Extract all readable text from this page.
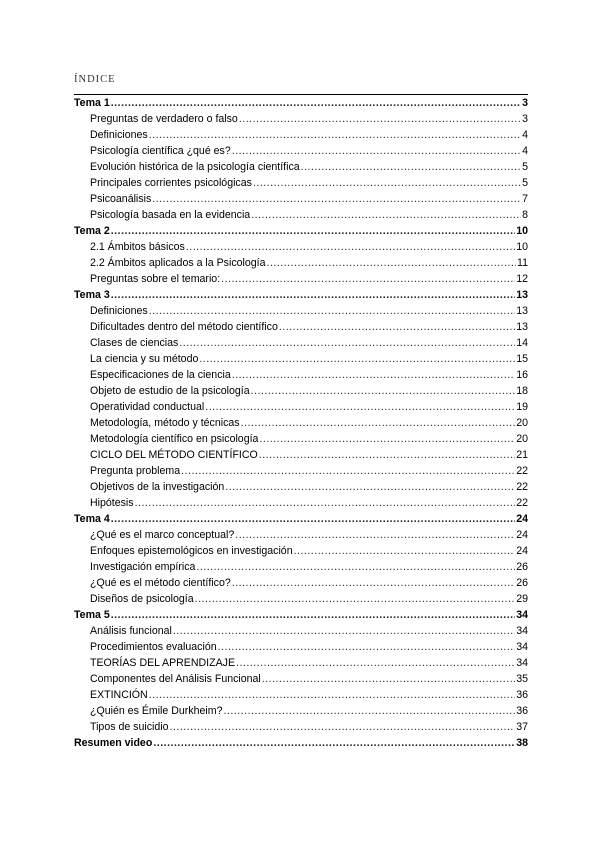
ÍNDICE
Tema 1 .....	3
Preguntas de verdadero o falso .....	3
Definiciones .....	4
Psicología científica ¿qué es? .....	4
Evolución histórica de la psicología científica .....	5
Principales corrientes psicológicas .....	5
Psicoanálisis .....	7
Psicología basada en la evidencia .....	8
Tema 2 .....	10
2.1 Ámbitos básicos .....	10
2.2 Ámbitos aplicados a la Psicología .....	11
Preguntas sobre el temario: .....	12
Tema 3 .....	13
Definiciones .....	13
Dificultades dentro del método científico .....	13
Clases de ciencias .....	14
La ciencia y su método .....	15
Especificaciones de la ciencia .....	16
Objeto de estudio de la psicología .....	18
Operatividad conductual .....	19
Metodología, método y técnicas .....	20
Metodología científico en psicología .....	20
CICLO DEL MÉTODO CIENTÍFICO .....	21
Pregunta problema .....	22
Objetivos de la investigación .....	22
Hipótesis .....	22
Tema 4 .....	24
¿Qué es el marco conceptual? .....	24
Enfoques epistemológicos en investigación .....	24
Investigación empírica .....	26
¿Qué es el método científico? .....	26
Diseños de psicología .....	29
Tema 5 .....	34
Análisis funcional .....	34
Procedimientos evaluación .....	34
TEORÍAS DEL APRENDIZAJE .....	34
Componentes del Análisis Funcional .....	35
EXTINCIÓN .....	36
¿Quién es Émile Durkheim? .....	36
Tipos de suicidio .....	37
Resumen video .....	38
